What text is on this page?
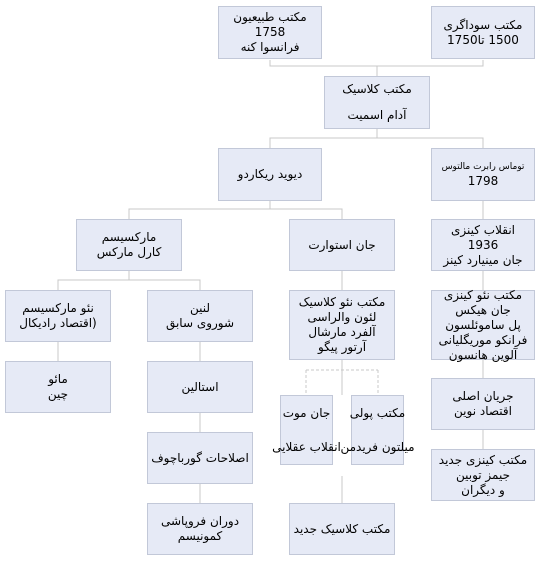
مکتب طبیعیون
1758
فرانسوا کنه
مکتب سوداگری
1500 تا1750
مکتب کلاسیک
آدام اسمیت
دیوید ریکاردو
توماس رابرت مالتوس
1798
مارکسیسم
کارل مارکس
جان استوارت
انقلاب کینزی
1936
جان مینیارد کینز
نئو مارکسیسم
(اقتصاد رادیکال
لنین
شوروی سابق
مکتب نئو کلاسیک
لئون والراسی
آلفرد مارشال
آرتور پیگو
مکتب نئو کینزی
جان هیکس
پل ساموئلسون
فرانکو موریگلیانی
آلوین هانسون
مائو
چین
استالین
جریان اصلی
اقتصاد نوین
جان موت
انقلاب عقلایی
مکتب پولی
میلتون فریدمن
اصلاحات گورباچوف	مکتب کینزی جدید
جیمز توبین
و دیگران
دوران فروپاشی
کمونیسم
مکتب کلاسیک جدید
